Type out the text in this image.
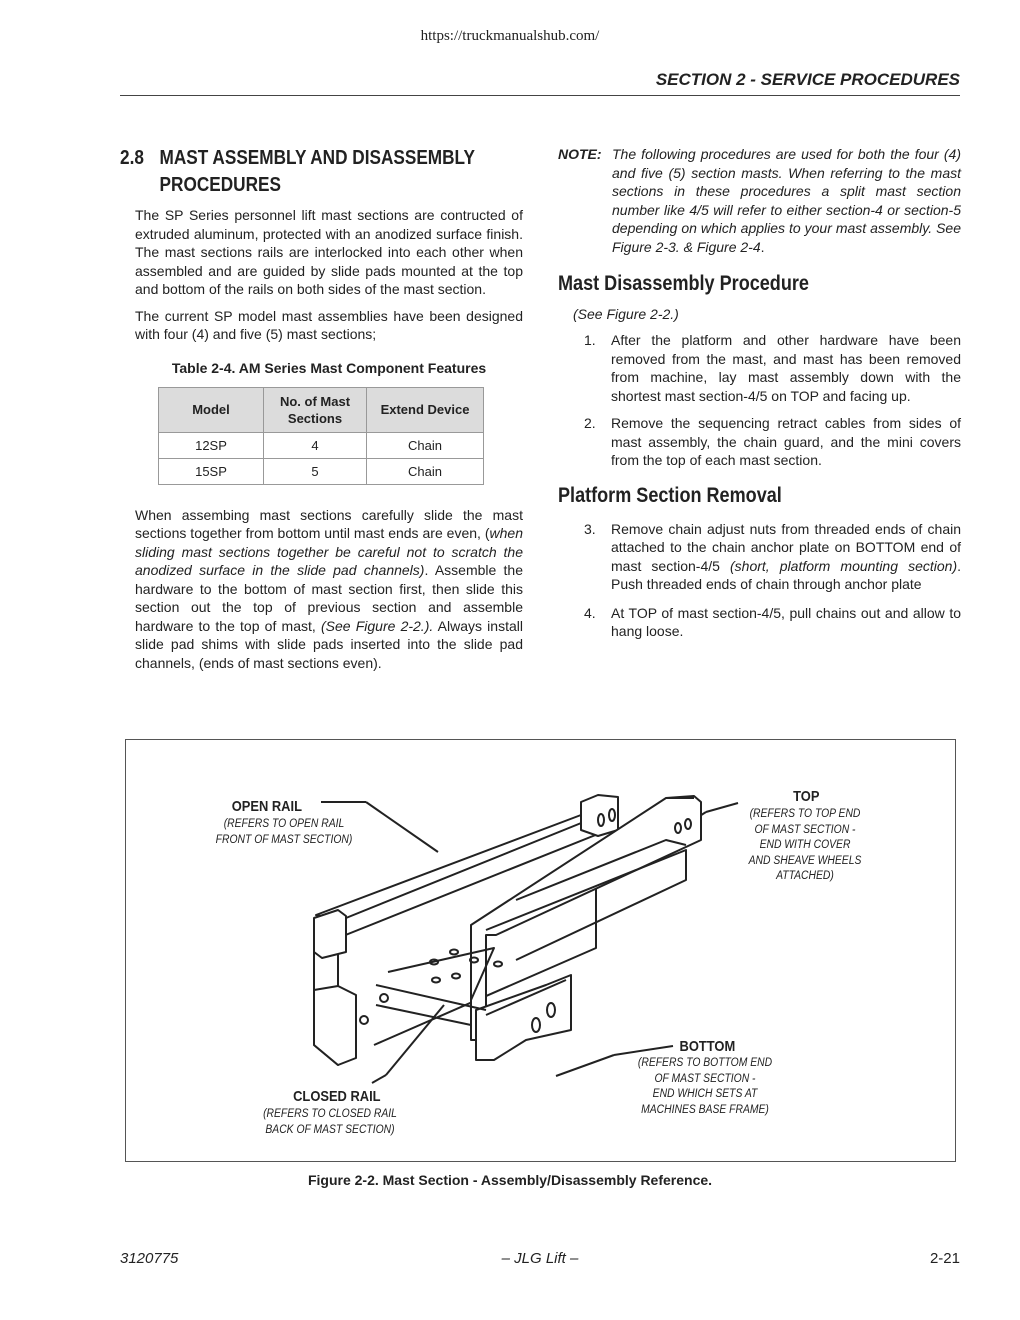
https://truckmanualshub.com/
SECTION 2 - SERVICE PROCEDURES
2.8 MAST ASSEMBLY AND DISASSEMBLY PROCEDURES

The SP Series personnel lift mast sections are contructed of extruded aluminum, protected with an anodized surface finish. The mast sections rails are interlocked into each other when assembled and are guided by slide pads mounted at the top and bottom of the rails on both sides of the mast section.

The current SP model mast assemblies have been designed with four (4) and five (5) mast sections;

Table 2-4. AM Series Mast Component Features
Model	No. of Mast Sections	Extend Device
12SP	4	Chain
15SP	5	Chain

When assembing mast sections carefully slide the mast sections together from bottom until mast ends are even, (when sliding mast sections together be careful not to scratch the anodized surface in the slide pad channels). Assemble the hardware to the bottom of mast section first, then slide this section out the top of previous section and assemble hardware to the top of mast, (See Figure 2-2.). Always install slide pad shims with slide pads inserted into the slide pad channels, (ends of mast sections even).

NOTE: The following procedures are used for both the four (4) and five (5) section masts. When referring to the mast sections in these procedures a split mast section number like 4/5 will refer to either section-4 or section-5 depending on which applies to your mast assembly. See Figure 2-3. & Figure 2-4.
Mast Disassembly Procedure
(See Figure 2-2.)
1.	After the platform and other hardware have been removed from the mast, and mast has been removed from machine, lay mast assembly down with the shortest mast section-4/5 on TOP and facing up.
2.	Remove the sequencing retract cables from sides of mast assembly, the chain guard, and the mini covers from the top of each mast section.
Platform Section Removal
3.	Remove chain adjust nuts from threaded ends of chain attached to the chain anchor plate on BOTTOM end of mast section-4/5 (short, platform mounting section). Push threaded ends of chain through anchor plate
4.	At TOP of mast section-4/5, pull chains out and allow to hang loose.
OPEN RAIL
(REFERS TO OPEN RAIL
FRONT OF MAST SECTION)
TOP
(REFERS TO TOP END
OF MAST SECTION -
END WITH COVER
AND SHEAVE WHEELS
ATTACHED)
BOTTOM
(REFERS TO BOTTOM END
OF MAST SECTION -
END WHICH SETS AT
MACHINES BASE FRAME)
CLOSED RAIL
(REFERS TO CLOSED RAIL
BACK OF MAST SECTION)
Figure 2-2. Mast Section - Assembly/Disassembly Reference.
3120775	– JLG Lift –	2-21
